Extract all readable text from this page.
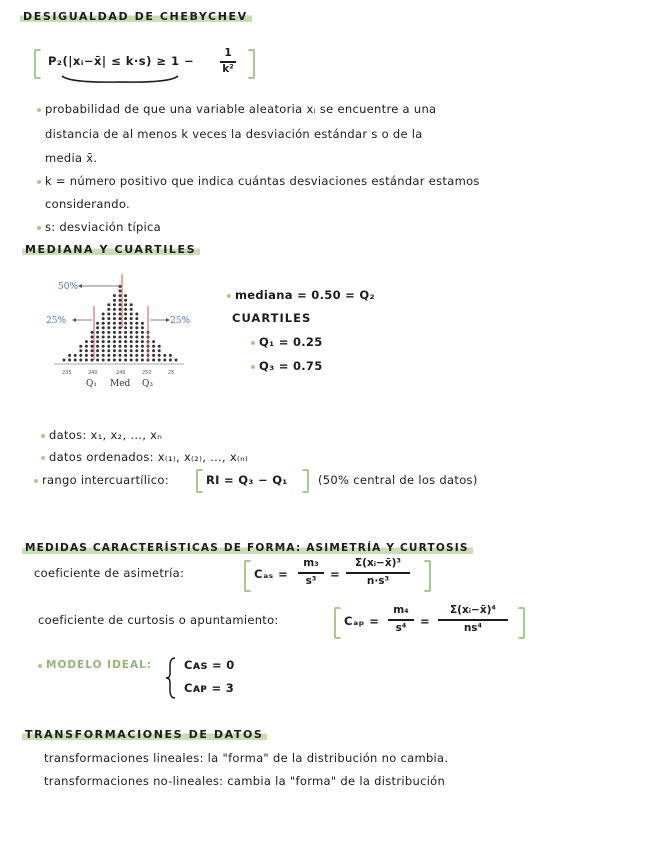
DESIGUALDAD DE CHEBYCHEV
P₂(|xᵢ−x̄| ≤ k·s) ≥ 1 −
1
k²
probabilidad de que una variable aleatoria xᵢ se encuentre a una
distancia de al menos k veces la desviación estándar s o de la
media x̄.
k = número positivo que indica cuántas desviaciones estándar estamos
considerando.
s: desviación típica
MEDIANA Y CUARTILES
50%
25%	25%
235	240	245	250	25
Q₁ Med Q₃
mediana = 0.50 = Q₂
CUARTILES
Q₁ = 0.25
Q₃ = 0.75
datos: x₁, x₂, ..., xₙ
datos ordenados: x₍₁₎, x₍₂₎, ..., x₍ₙ₎
rango intercuartílico:	RI = Q₃ − Q₁	(50% central de los datos)
MEDIDAS CARACTERÍSTICAS DE FORMA: ASIMETRÍA Y CURTOSIS
coeficiente de asimetría:	Cₐₛ =
m₃
s³	=
Σ(xᵢ−x̄)³
n·s³
coeficiente de curtosis o apuntamiento:	Cₐₚ =
m₄
s⁴	=
Σ(xᵢ−x̄)⁴
ns⁴
MODELO IDEAL:	Cᴀs = 0
Cᴀᴘ = 3
TRANSFORMACIONES DE DATOS
transformaciones lineales: la "forma" de la distribución no cambia.
transformaciones no-lineales: cambia la "forma" de la distribución
